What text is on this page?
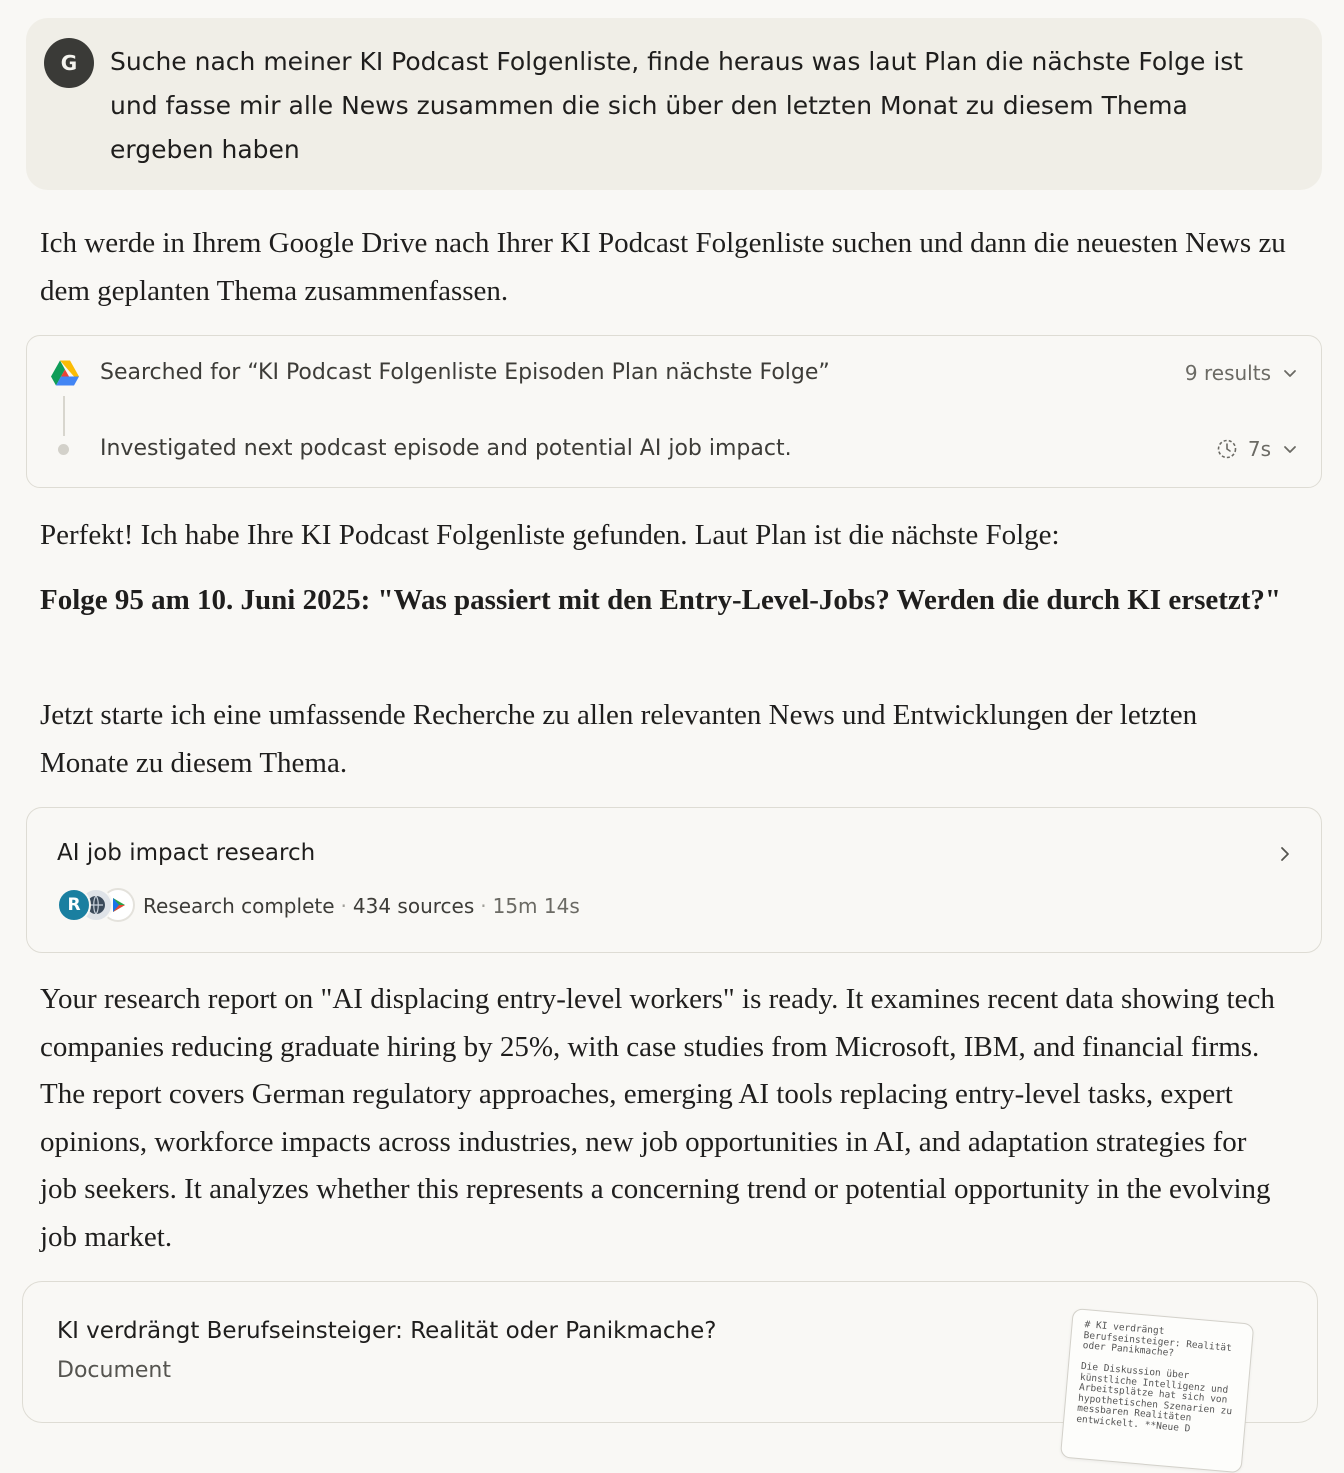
G	Suche nach meiner KI Podcast Folgenliste, finde heraus was laut Plan die nächste Folge ist und fasse mir alle News zusammen die sich über den letzten Monat zu diesem Thema ergeben haben
Ich werde in Ihrem Google Drive nach Ihrer KI Podcast Folgenliste suchen und dann die neuesten News zu dem geplanten Thema zusammenfassen.
Searched for “KI Podcast Folgenliste Episoden Plan nächste Folge”	9 results
Investigated next podcast episode and potential AI job impact.	7s
Perfekt! Ich habe Ihre KI Podcast Folgenliste gefunden. Laut Plan ist die nächste Folge:
Folge 95 am 10. Juni 2025: "Was passiert mit den Entry-Level-Jobs? Werden die durch KI ersetzt?"
Jetzt starte ich eine umfassende Recherche zu allen relevanten News und Entwicklungen der letzten Monate zu diesem Thema.
AI job impact research
R	Research complete · 434 sources · 15m 14s
Your research report on "AI displacing entry-level workers" is ready. It examines recent data showing tech companies reducing graduate hiring by 25%, with case studies from Microsoft, IBM, and financial firms. The report covers German regulatory approaches, emerging AI tools replacing entry-level tasks, expert opinions, workforce impacts across industries, new job opportunities in AI, and adaptation strategies for job seekers. It analyzes whether this represents a concerning trend or potential opportunity in the evolving job market.
KI verdrängt Berufseinsteiger: Realität oder Panikmache?
Document
# KI verdrängt
Berufseinsteiger: Realität
oder Panikmache?

Die Diskussion über
künstliche Intelligenz und
Arbeitsplätze hat sich von
hypothetischen Szenarien zu
messbaren Realitäten
entwickelt. **Neue D
